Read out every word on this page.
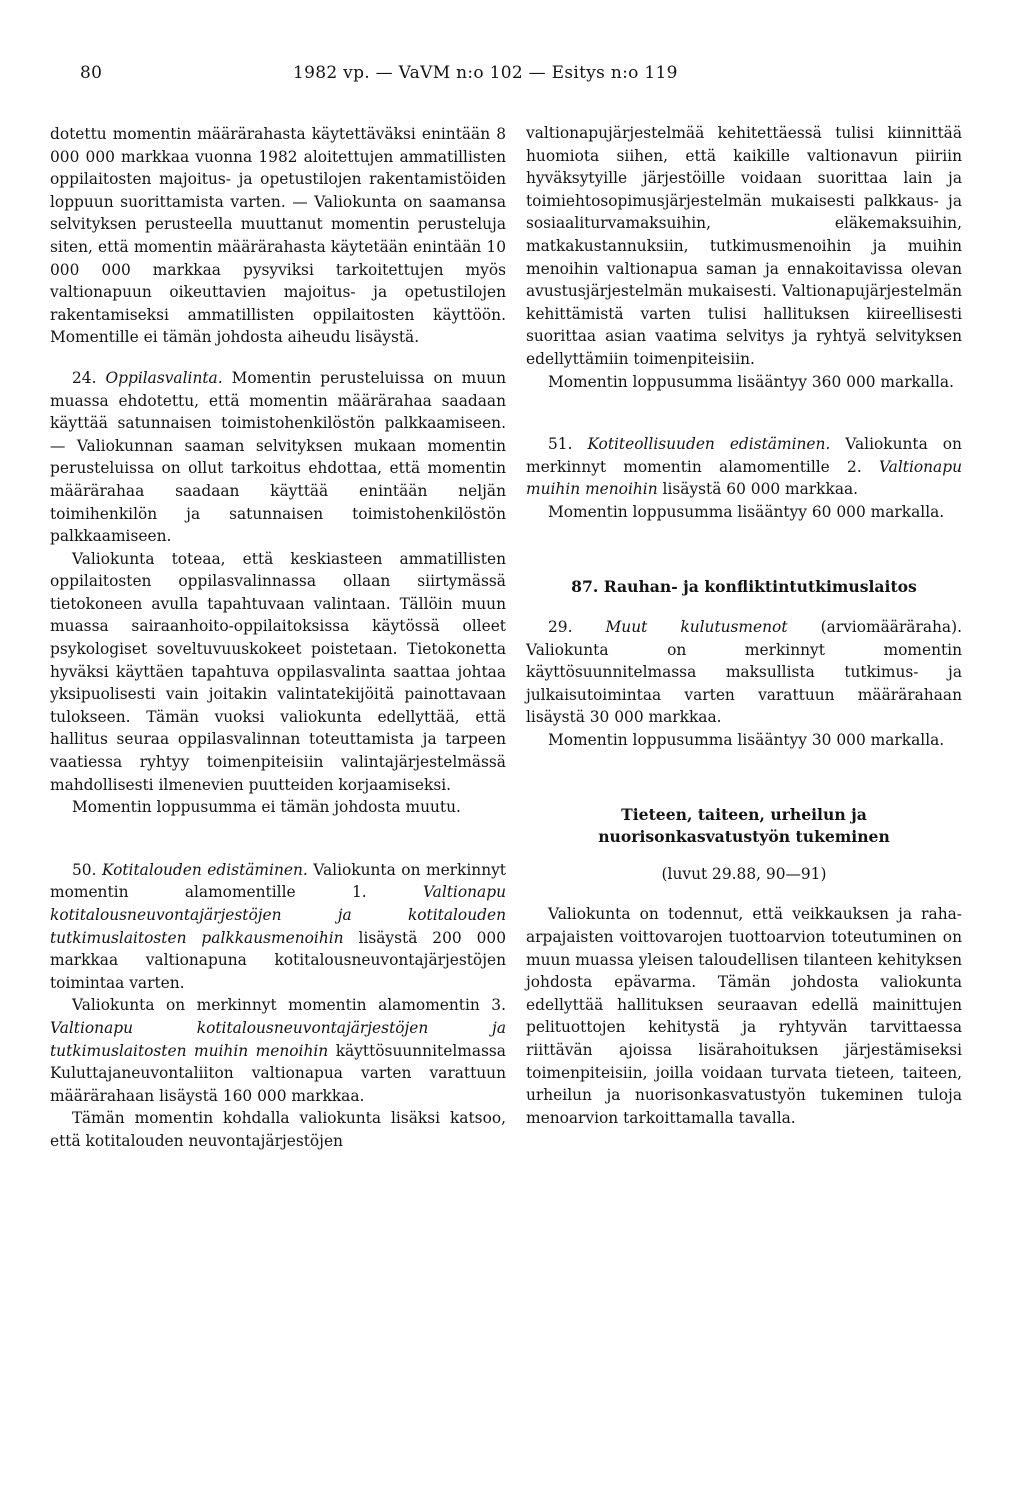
80	1982 vp. — VaVM n:o 102 — Esitys n:o 119

dotettu momentin määrärahasta käytettäväksi enintään 8 000 000 markkaa vuonna 1982 aloitettujen ammatillisten oppilaitosten majoitus- ja opetustilojen rakentamistöiden loppuun suorittamista varten. — Valiokunta on saamansa selvityksen perusteella muuttanut momentin perusteluja siten, että momentin määrärahasta käytetään enintään 10 000 000 markkaa pysyviksi tarkoitettujen myös valtionapuun oikeuttavien majoitus- ja opetustilojen rakentamiseksi ammatillisten oppilaitosten käyttöön. Momentille ei tämän johdosta aiheudu lisäystä.

24. Oppilasvalinta. Momentin perusteluissa on muun muassa ehdotettu, että momentin määrärahaa saadaan käyttää satunnaisen toimistohenkilöstön palkkaamiseen. — Valiokunnan saaman selvityksen mukaan momentin perusteluissa on ollut tarkoitus ehdottaa, että momentin määrärahaa saadaan käyttää enintään neljän toimihenkilön ja satunnaisen toimistohenkilöstön palkkaamiseen.

Valiokunta toteaa, että keskiasteen ammatillisten oppilaitosten oppilasvalinnassa ollaan siirtymässä tietokoneen avulla tapahtuvaan valintaan. Tällöin muun muassa sairaanhoito-oppilaitoksissa käytössä olleet psykologiset soveltuvuuskokeet poistetaan. Tietokonetta hyväksi käyttäen tapahtuva oppilasvalinta saattaa johtaa yksipuolisesti vain joitakin valintatekijöitä painottavaan tulokseen. Tämän vuoksi valiokunta edellyttää, että hallitus seuraa oppilasvalinnan toteuttamista ja tarpeen vaatiessa ryhtyy toimenpiteisiin valintajärjestelmässä mahdollisesti ilmenevien puutteiden korjaamiseksi.

Momentin loppusumma ei tämän johdosta muutu.

50. Kotitalouden edistäminen. Valiokunta on merkinnyt momentin alamomentille 1.	Valtionapu kotitalousneuvontajärjestöjen ja kotitalouden tutkimuslaitosten palkkausmenoihin lisäystä 200 000 markkaa valtionapuna kotitalousneuvontajärjestöjen toimintaa varten.

Valiokunta on merkinnyt momentin alamomentin 3. Valtionapu kotitalousneuvontajärjestöjen ja tutkimuslaitosten muihin menoihin käyttösuunnitelmassa Kuluttajaneuvontaliiton valtionapua varten varattuun määrärahaan lisäystä 160 000 markkaa.

Tämän momentin kohdalla valiokunta lisäksi katsoo, että kotitalouden neuvontajärjestöjen

valtionapujärjestelmää kehitettäessä tulisi kiinnittää huomiota siihen, että kaikille valtionavun piiriin hyväksytyille järjestöille voidaan suorittaa lain ja toimiehtosopimusjärjestelmän mukaisesti palkkaus- ja sosiaaliturvamaksuihin, eläkemaksuihin, matkakustannuksiin, tutkimusmenoihin ja muihin menoihin valtionapua saman ja ennakoitavissa olevan avustusjärjestelmän mukaisesti. Valtionapujärjestelmän kehittämistä varten tulisi hallituksen kiireellisesti suorittaa asian vaatima selvitys ja ryhtyä selvityksen edellyttämiin toimenpiteisiin.

Momentin loppusumma lisääntyy 360 000 markalla.

51. Kotiteollisuuden edistäminen. Valiokunta on merkinnyt momentin alamomentille 2. Valtionapu muihin menoihin lisäystä 60 000 markkaa.

Momentin loppusumma lisääntyy 60 000 markalla.

87. Rauhan- ja konfliktintutkimuslaitos

29. Muut kulutusmenot (arviomääräraha). Valiokunta on merkinnyt momentin käyttösuunnitelmassa maksullista tutkimus- ja julkaisutoimintaa varten varattuun määrärahaan lisäystä 30 000 markkaa.

Momentin loppusumma lisääntyy 30 000 markalla.

Tieteen, taiteen, urheilun ja nuorisonkasvatustyön tukeminen

(luvut 29.88, 90—91)

Valiokunta on todennut, että veikkauksen ja raha-arpajaisten voittovarojen tuottoarvion toteutuminen on muun muassa yleisen taloudellisen tilanteen kehityksen johdosta epävarma. Tämän johdosta valiokunta edellyttää hallituksen seuraavan edellä mainittujen pelituottojen kehitystä ja ryhtyvän tarvittaessa riittävän ajoissa lisärahoituksen järjestämiseksi toimenpiteisiin, joilla voidaan turvata tieteen, taiteen, urheilun ja nuorisonkasvatustyön tukeminen tuloja menoarvion tarkoittamalla tavalla.
